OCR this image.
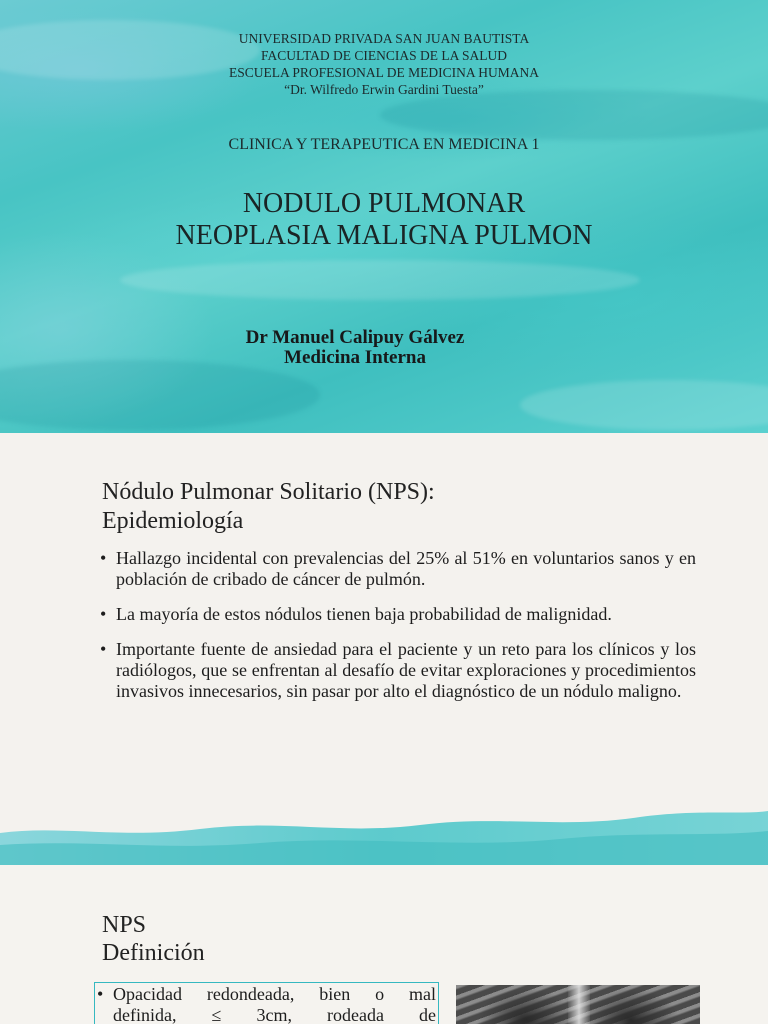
UNIVERSIDAD PRIVADA SAN JUAN BAUTISTA
FACULTAD DE CIENCIAS DE LA SALUD
ESCUELA PROFESIONAL DE MEDICINA HUMANA
“Dr. Wilfredo Erwin Gardini Tuesta”
CLINICA Y TERAPEUTICA EN MEDICINA 1
NODULO PULMONAR
NEOPLASIA MALIGNA PULMON
Dr Manuel Calipuy Gálvez
Medicina Interna
Nódulo Pulmonar Solitario (NPS):
Epidemiología
• Hallazgo incidental con prevalencias del 25% al 51% en voluntarios sanos y en población de cribado de cáncer de pulmón.
• La mayoría de estos nódulos tienen baja probabilidad de malignidad.
• Importante fuente de ansiedad para el paciente y un reto para los clínicos y los radiólogos, que se enfrentan al desafío de evitar exploraciones y procedimientos invasivos innecesarios, sin pasar por alto el diagnóstico de un nódulo maligno.
NPS
Definición
• Opacidad redondeada, bien o mal
definida, ≤ 3cm, rodeada de
